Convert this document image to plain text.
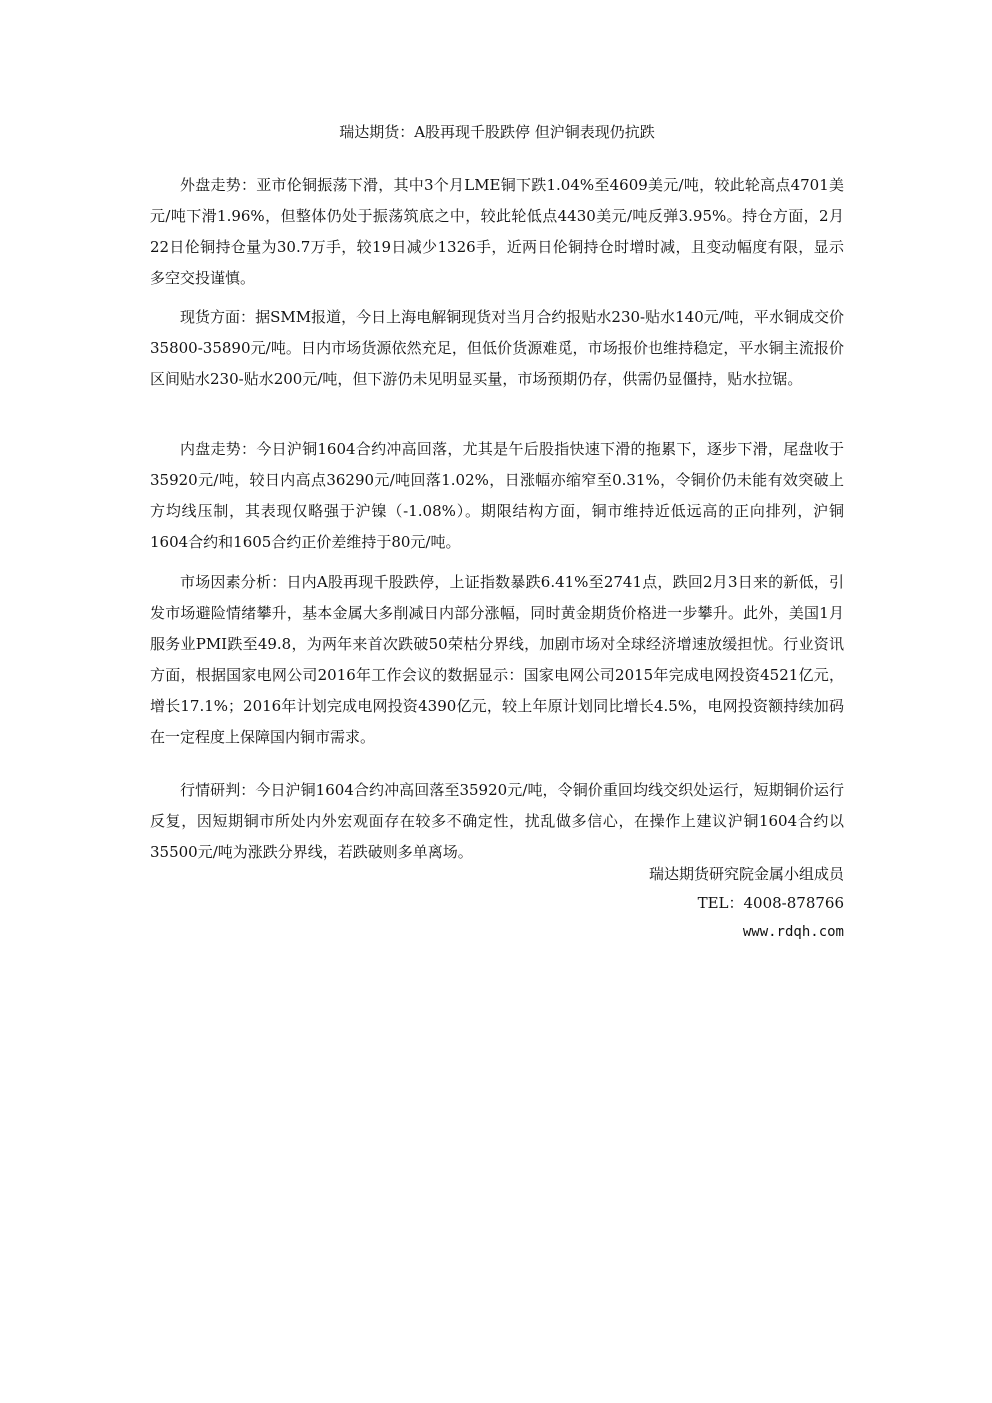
瑞达期货：A股再现千股跌停 但沪铜表现仍抗跌

外盘走势：亚市伦铜振荡下滑，其中3个月LME铜下跌1.04%至4609美元/吨，较此轮高点4701美元/吨下滑1.96%，但整体仍处于振荡筑底之中，较此轮低点4430美元/吨反弹3.95%。持仓方面，2月22日伦铜持仓量为30.7万手，较19日减少1326手，近两日伦铜持仓时增时减，且变动幅度有限，显示多空交投谨慎。

现货方面：据SMM报道，今日上海电解铜现货对当月合约报贴水230-贴水140元/吨，平水铜成交价35800-35890元/吨。日内市场货源依然充足，但低价货源难觅，市场报价也维持稳定，平水铜主流报价区间贴水230-贴水200元/吨，但下游仍未见明显买量，市场预期仍存，供需仍显僵持，贴水拉锯。

内盘走势：今日沪铜1604合约冲高回落，尤其是午后股指快速下滑的拖累下，逐步下滑，尾盘收于35920元/吨，较日内高点36290元/吨回落1.02%，日涨幅亦缩窄至0.31%，令铜价仍未能有效突破上方均线压制，其表现仅略强于沪镍（-1.08%）。期限结构方面，铜市维持近低远高的正向排列，沪铜1604合约和1605合约正价差维持于80元/吨。

市场因素分析：日内A股再现千股跌停，上证指数暴跌6.41%至2741点，跌回2月3日来的新低，引发市场避险情绪攀升，基本金属大多削减日内部分涨幅，同时黄金期货价格进一步攀升。此外，美国1月服务业PMI跌至49.8，为两年来首次跌破50荣枯分界线，加剧市场对全球经济增速放缓担忧。行业资讯方面，根据国家电网公司2016年工作会议的数据显示：国家电网公司2015年完成电网投资4521亿元，增长17.1%；2016年计划完成电网投资4390亿元，较上年原计划同比增长4.5%，电网投资额持续加码在一定程度上保障国内铜市需求。

行情研判：今日沪铜1604合约冲高回落至35920元/吨，令铜价重回均线交织处运行，短期铜价运行反复，因短期铜市所处内外宏观面存在较多不确定性，扰乱做多信心，在操作上建议沪铜1604合约以35500元/吨为涨跌分界线，若跌破则多单离场。

瑞达期货研究院金属小组成员

TEL：4008-878766

www.rdqh.com
